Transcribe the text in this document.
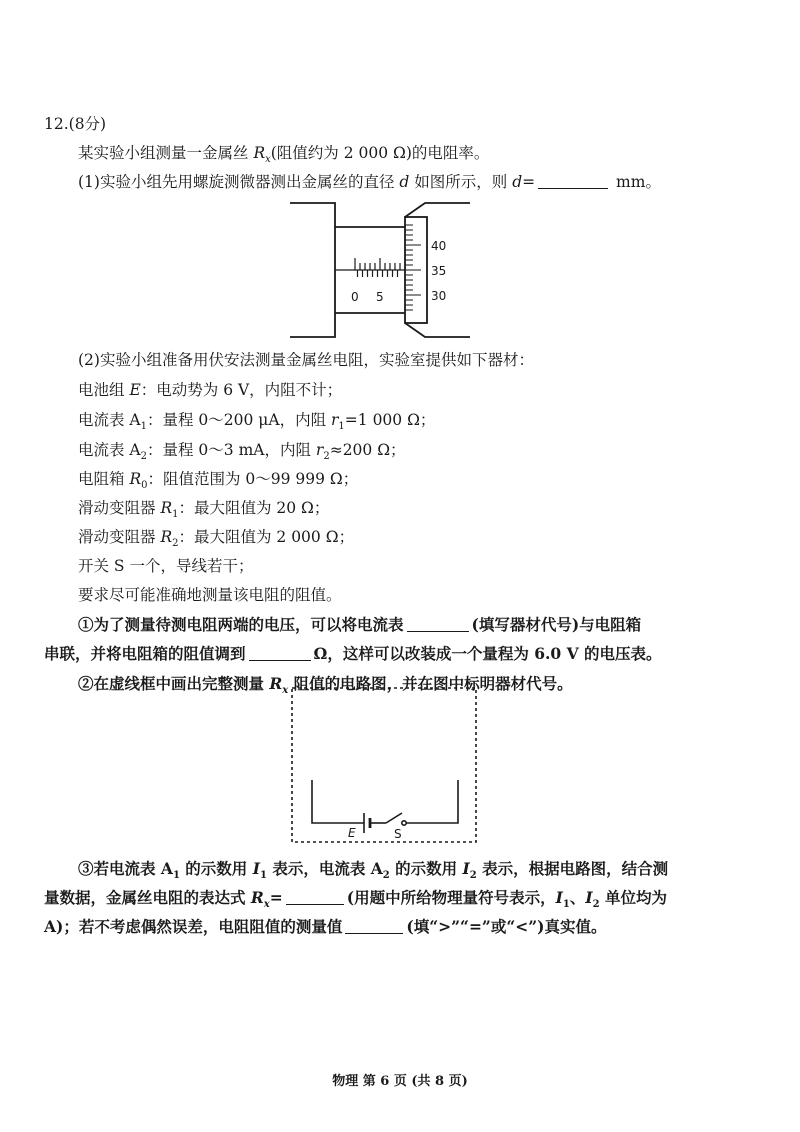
12.(8分)
某实验小组测量一金属丝 $R_x$(阻值约为 2 000 Ω)的电阻率。
(1)实验小组先用螺旋测微器测出金属丝的直径 d 如图所示，则 d=	mm。
0 5
40
35
30
(2)实验小组准备用伏安法测量金属丝电阻，实验室提供如下器材：
电池组 E：电动势为 6 V，内阻不计；
电流表 $A_1$：量程 0～200 μA，内阻 $r_1=1$ 000 Ω；
电流表 $A_2$：量程 0～3 mA，内阻 $r_2\approx 200$ Ω；
电阻箱 $R_0$：阻值范围为 0～99 999 Ω；
滑动变阻器 $R_1$：最大阻值为 20 Ω；
滑动变阻器 $R_2$：最大阻值为 2 000 Ω；
开关 S 一个，导线若干；
要求尽可能准确地测量该电阻的阻值。
①为了测量待测电阻两端的电压，可以将电流表	(填写器材代号)与电阻箱
串联，并将电阻箱的阻值调到	Ω，这样可以改装成一个量程为 6.0 V 的电压表。
②在虚线框中画出完整测量 $R_x$ 阻值的电路图，并在图中标明器材代号。
E	S
③若电流表 $A_1$ 的示数用 $I_1$ 表示，电流表 $A_2$ 的示数用 $I_2$ 表示，根据电路图，结合测
量数据，金属丝电阻的表达式 $R_x=$	(用题中所给物理量符号表示，$I_1$、$I_2$ 单位均为
A)；若不考虑偶然误差，电阻阻值的测量值	(填“>”“=”或“<”)真实值。
物理 第 6 页 (共 8 页)
